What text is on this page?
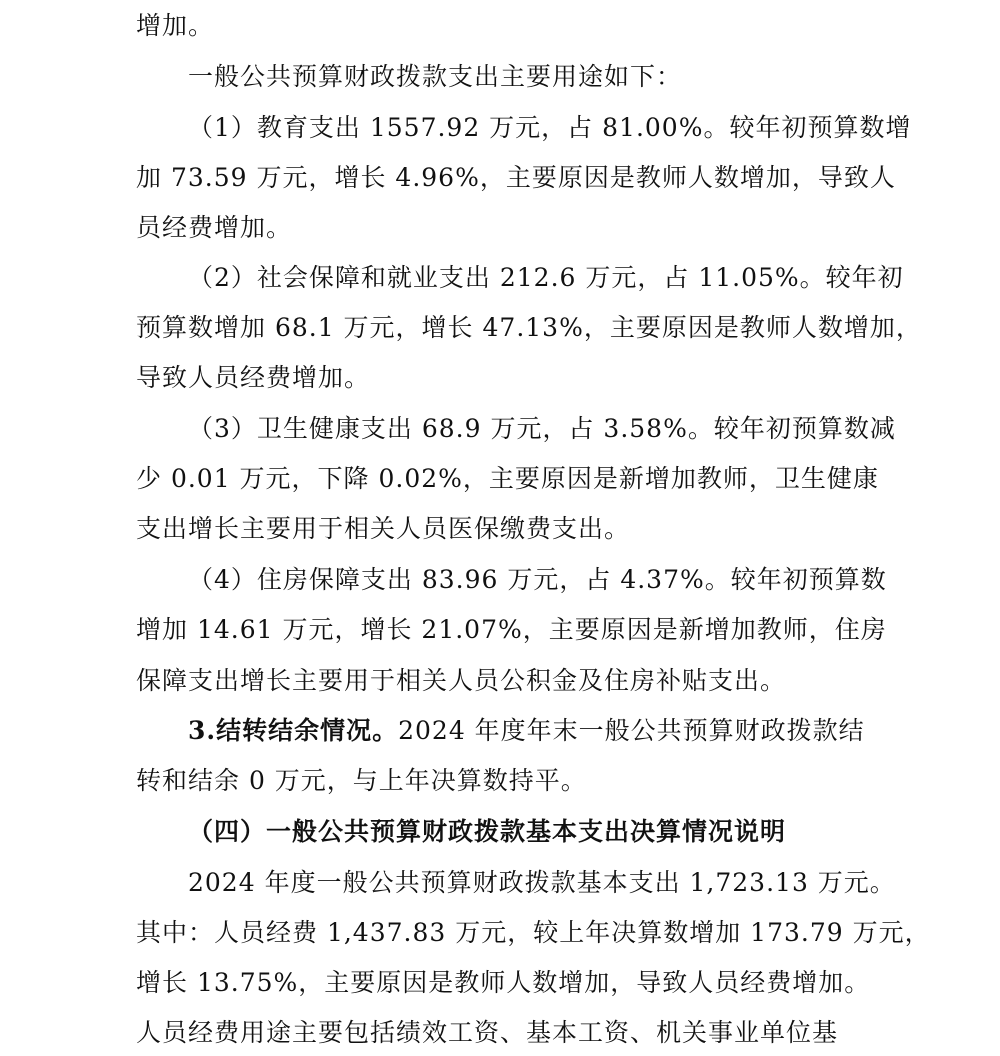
增加。
一般公共预算财政拨款支出主要用途如下：
（1）教育支出 1557.92 万元，占 81.00%。较年初预算数增
加 73.59 万元，增长 4.96%，主要原因是教师人数增加，导致人
员经费增加。
（2）社会保障和就业支出 212.6 万元，占 11.05%。较年初
预算数增加 68.1 万元，增长 47.13%，主要原因是教师人数增加，
导致人员经费增加。
（3）卫生健康支出 68.9 万元，占 3.58%。较年初预算数减
少 0.01 万元，下降 0.02%，主要原因是新增加教师，卫生健康
支出增长主要用于相关人员医保缴费支出。
（4）住房保障支出 83.96 万元，占 4.37%。较年初预算数
增加 14.61 万元，增长 21.07%，主要原因是新增加教师，住房
保障支出增长主要用于相关人员公积金及住房补贴支出。
3.结转结余情况。2024 年度年末一般公共预算财政拨款结
转和结余 0 万元，与上年决算数持平。
（四）一般公共预算财政拨款基本支出决算情况说明
2024 年度一般公共预算财政拨款基本支出 1,723.13 万元。
其中：人员经费 1,437.83 万元，较上年决算数增加 173.79 万元，
增长 13.75%，主要原因是教师人数增加，导致人员经费增加。
人员经费用途主要包括绩效工资、基本工资、机关事业单位基
